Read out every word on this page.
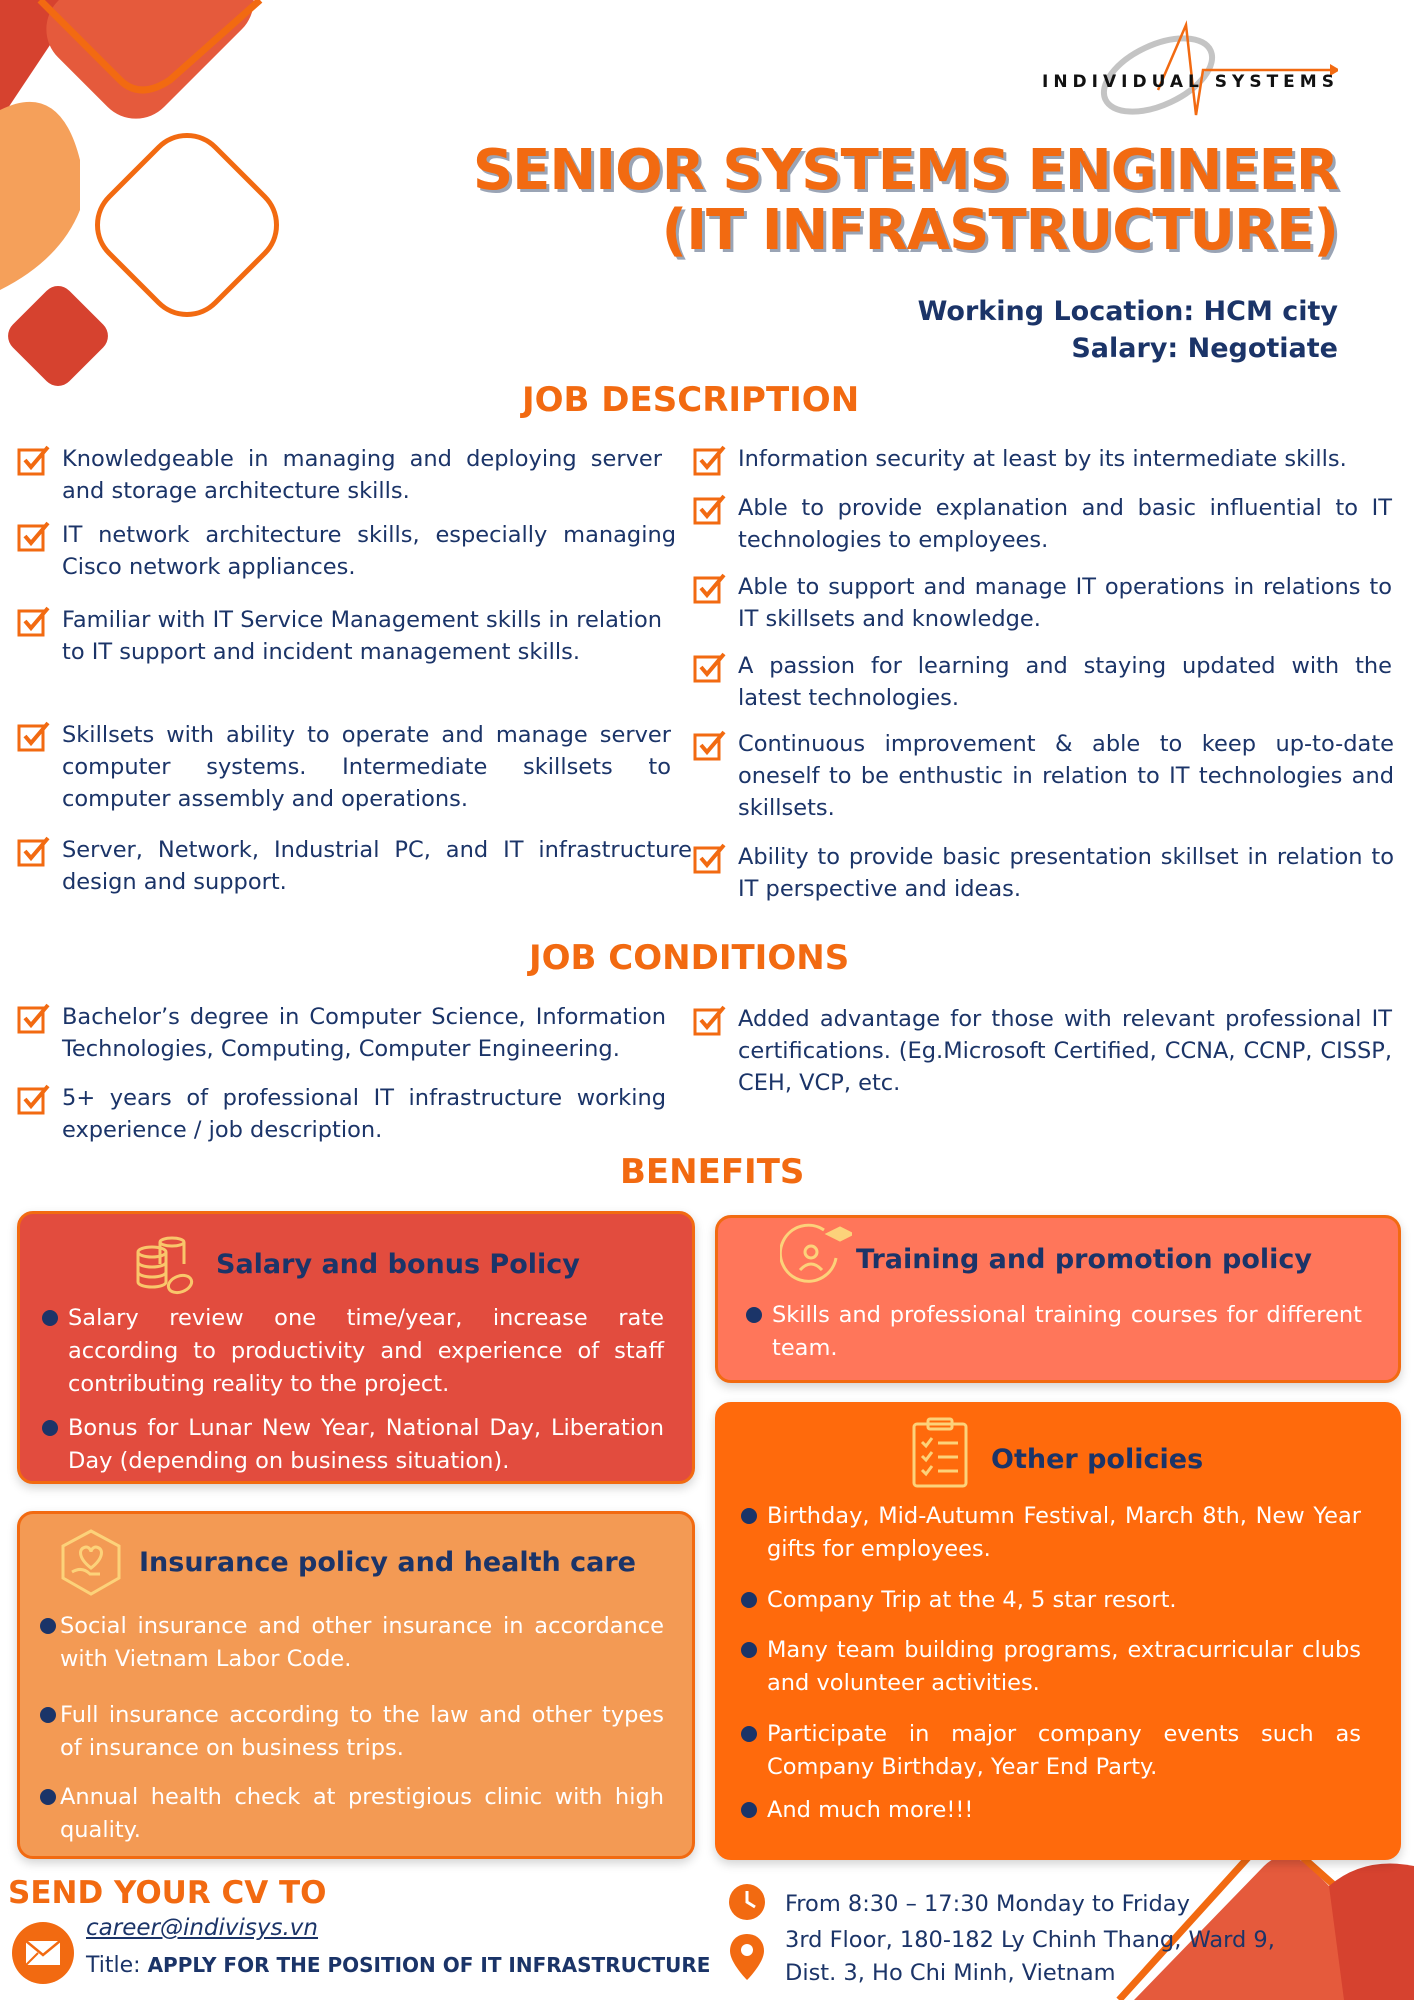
INDIVIDUAL SYSTEMS
SENIOR SYSTEMS ENGINEER
(IT INFRASTRUCTURE)
Working Location: HCM city
Salary: Negotiate
JOB DESCRIPTION
Knowledgeable in managing and deploying server and storage architecture skills.
IT network architecture skills, especially managing Cisco network appliances.
Familiar with IT Service Management skills in relation to IT support and incident management skills.
Skillsets with ability to operate and manage server computer systems. Intermediate skillsets to computer assembly and operations.
Server, Network, Industrial PC, and IT infrastructure design and support.
Information security at least by its intermediate skills.
Able to provide explanation and basic influential to IT technologies to employees.
Able to support and manage IT operations in relations to IT skillsets and knowledge.
A passion for learning and staying updated with the latest technologies.
Continuous improvement & able to keep up-to-date oneself to be enthustic in relation to IT technologies and skillsets.
Ability to provide basic presentation skillset in relation to IT perspective and ideas.
JOB CONDITIONS
Bachelor’s degree in Computer Science, Information Technologies, Computing, Computer Engineering.
5+ years of professional IT infrastructure working experience / job description.
Added advantage for those with relevant professional IT certifications. (Eg.Microsoft Certified, CCNA, CCNP, CISSP, CEH, VCP, etc.
BENEFITS
Salary and bonus Policy
Salary review one time/year, increase rate according to productivity and experience of staff contributing reality to the project.
Bonus for Lunar New Year, National Day, Liberation Day (depending on business situation).
Training and promotion policy
Skills and professional training courses for different team.
Insurance policy and health care
Social insurance and other insurance in accordance with Vietnam Labor Code.
Full insurance according to the law and other types of insurance on business trips.
Annual health check at prestigious clinic with high quality.
Other policies
Birthday, Mid-Autumn Festival, March 8th, New Year gifts for employees.
Company Trip at the 4, 5 star resort.
Many team building programs, extracurricular clubs and volunteer activities.
Participate in major company events such as Company Birthday, Year End Party.
And much more!!!
SEND YOUR CV TO
career@indivisys.vn
Title: APPLY FOR THE POSITION OF IT INFRASTRUCTURE
From 8:30 – 17:30 Monday to Friday
3rd Floor, 180-182 Ly Chinh Thang, Ward 9,
Dist. 3, Ho Chi Minh, Vietnam
